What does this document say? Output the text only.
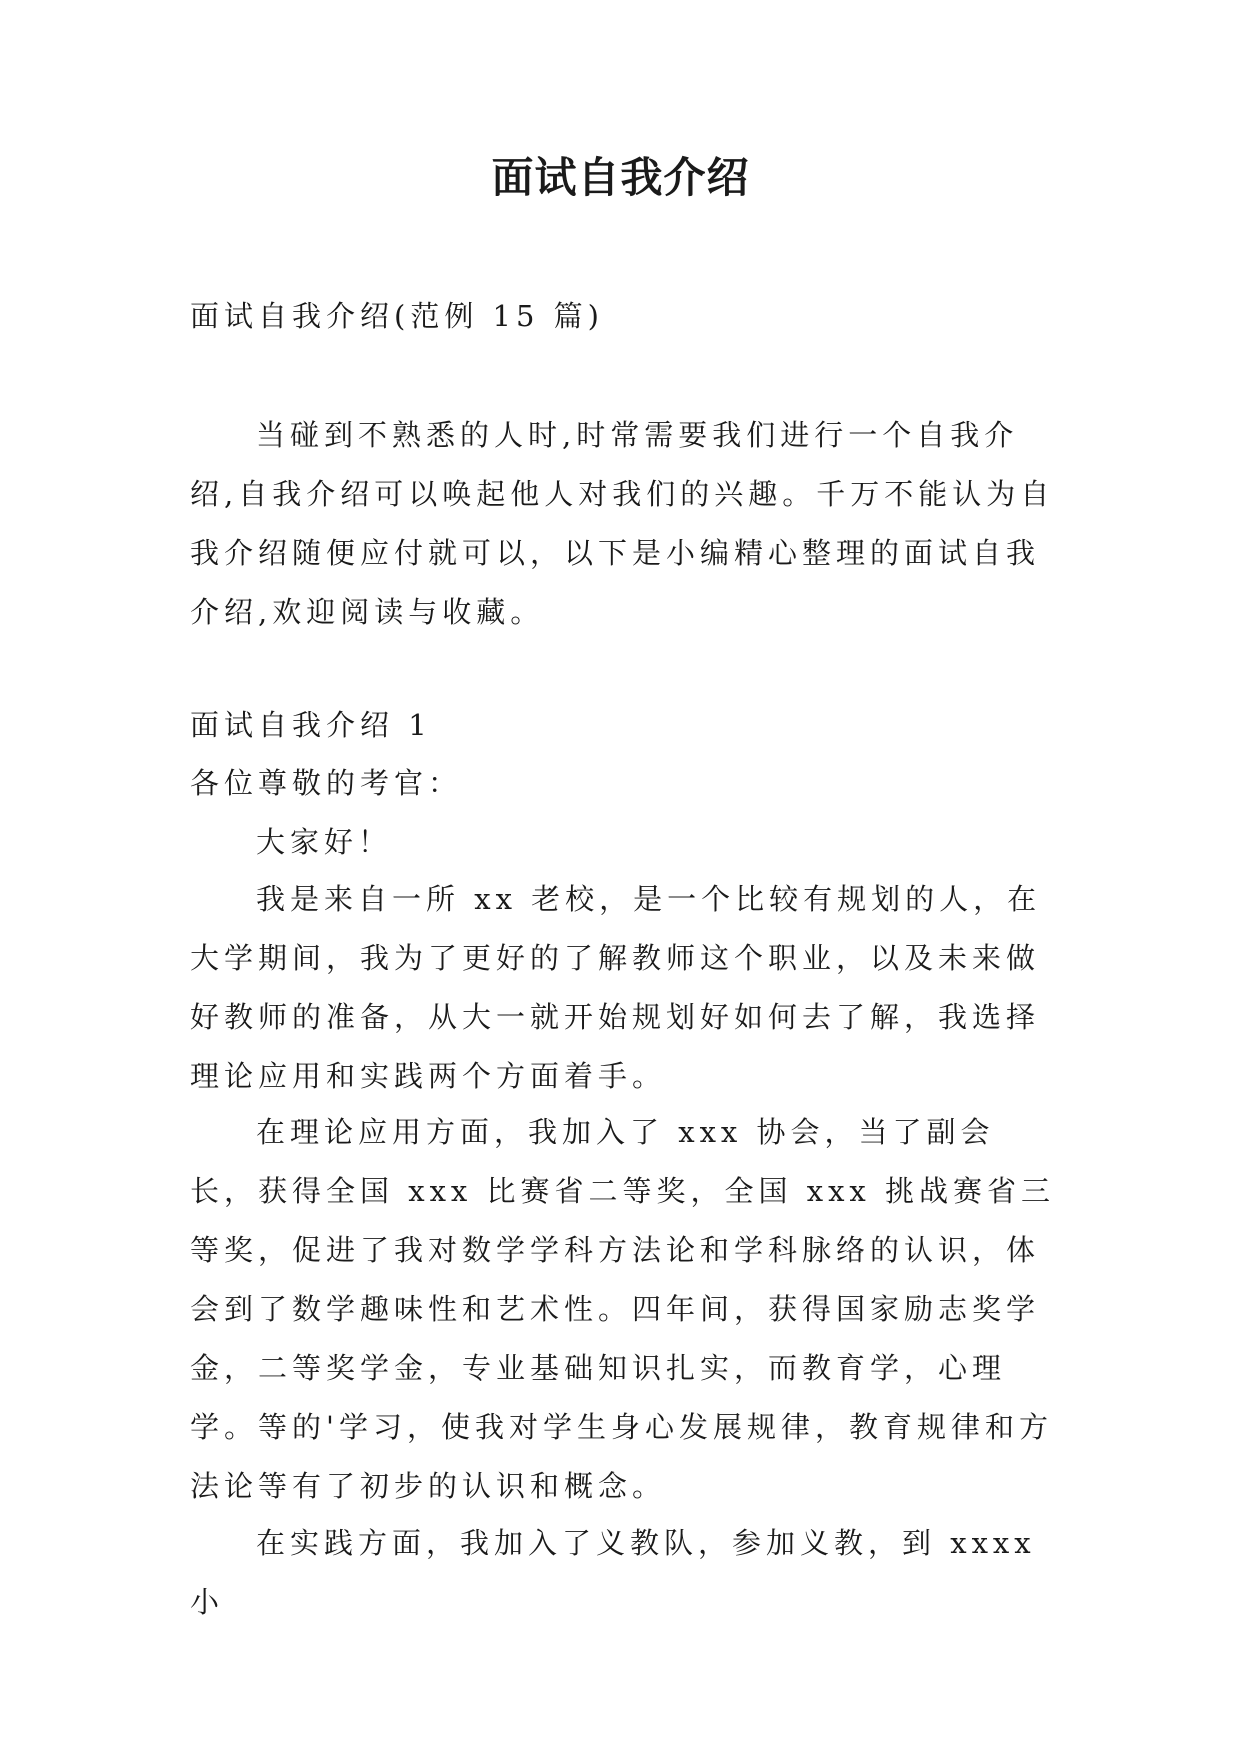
面试自我介绍

面试自我介绍(范例 15 篇)

当碰到不熟悉的人时,时常需要我们进行一个自我介绍,自我介绍可以唤起他人对我们的兴趣。千万不能认为自我介绍随便应付就可以，以下是小编精心整理的面试自我介绍,欢迎阅读与收藏。

面试自我介绍 1

各位尊敬的考官：

大家好！

我是来自一所 xx 老校，是一个比较有规划的人，在大学期间，我为了更好的了解教师这个职业，以及未来做好教师的准备，从大一就开始规划好如何去了解，我选择理论应用和实践两个方面着手。

在理论应用方面，我加入了 xxx 协会，当了副会长，获得全国 xxx 比赛省二等奖，全国 xxx 挑战赛省三等奖，促进了我对数学学科方法论和学科脉络的认识，体会到了数学趣味性和艺术性。四年间，获得国家励志奖学金，二等奖学金，专业基础知识扎实，而教育学，心理学。等的'学习，使我对学生身心发展规律，教育规律和方法论等有了初步的认识和概念。

在实践方面，我加入了义教队，参加义教，到 xxxx 小
